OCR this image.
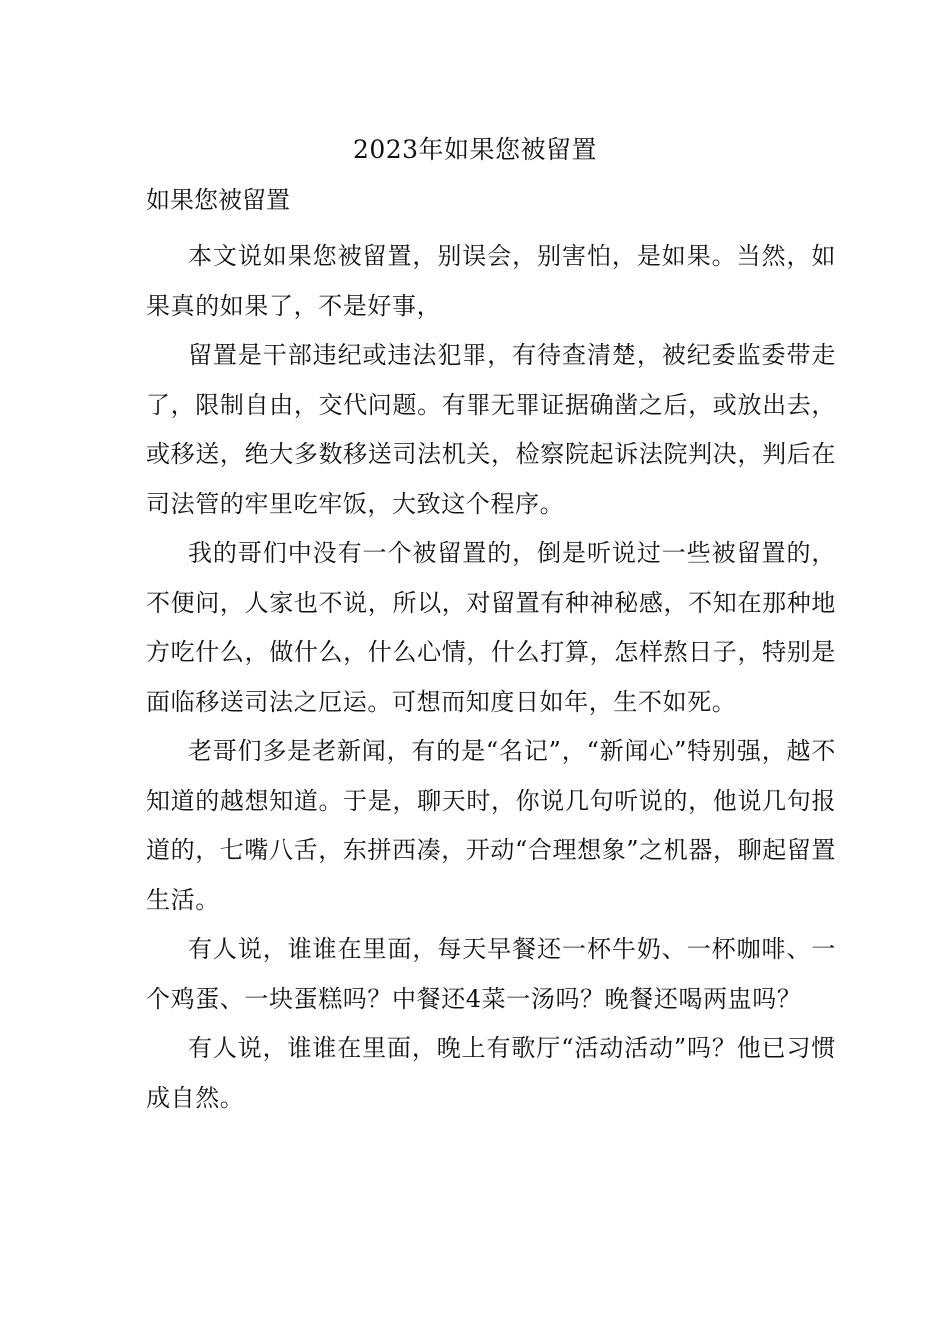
2023年如果您被留置
如果您被留置

本文说如果您被留置，别误会，别害怕，是如果。当然，如果真的如果了，不是好事，

留置是干部违纪或违法犯罪，有待查清楚，被纪委监委带走了，限制自由，交代问题。有罪无罪证据确凿之后，或放出去，或移送，绝大多数移送司法机关，检察院起诉法院判决，判后在司法管的牢里吃牢饭，大致这个程序。

我的哥们中没有一个被留置的，倒是听说过一些被留置的，不便问，人家也不说，所以，对留置有种神秘感，不知在那种地方吃什么，做什么，什么心情，什么打算，怎样熬日子，特别是面临移送司法之厄运。可想而知度日如年，生不如死。

老哥们多是老新闻，有的是“名记”，“新闻心”特别强，越不知道的越想知道。于是，聊天时，你说几句听说的，他说几句报道的，七嘴八舌，东拼西凑，开动“合理想象”之机器，聊起留置生活。

有人说，谁谁在里面，每天早餐还一杯牛奶、一杯咖啡、一个鸡蛋、一块蛋糕吗？中餐还4菜一汤吗？晚餐还喝两盅吗？

有人说，谁谁在里面，晚上有歌厅“活动活动”吗？他已习惯成自然。
